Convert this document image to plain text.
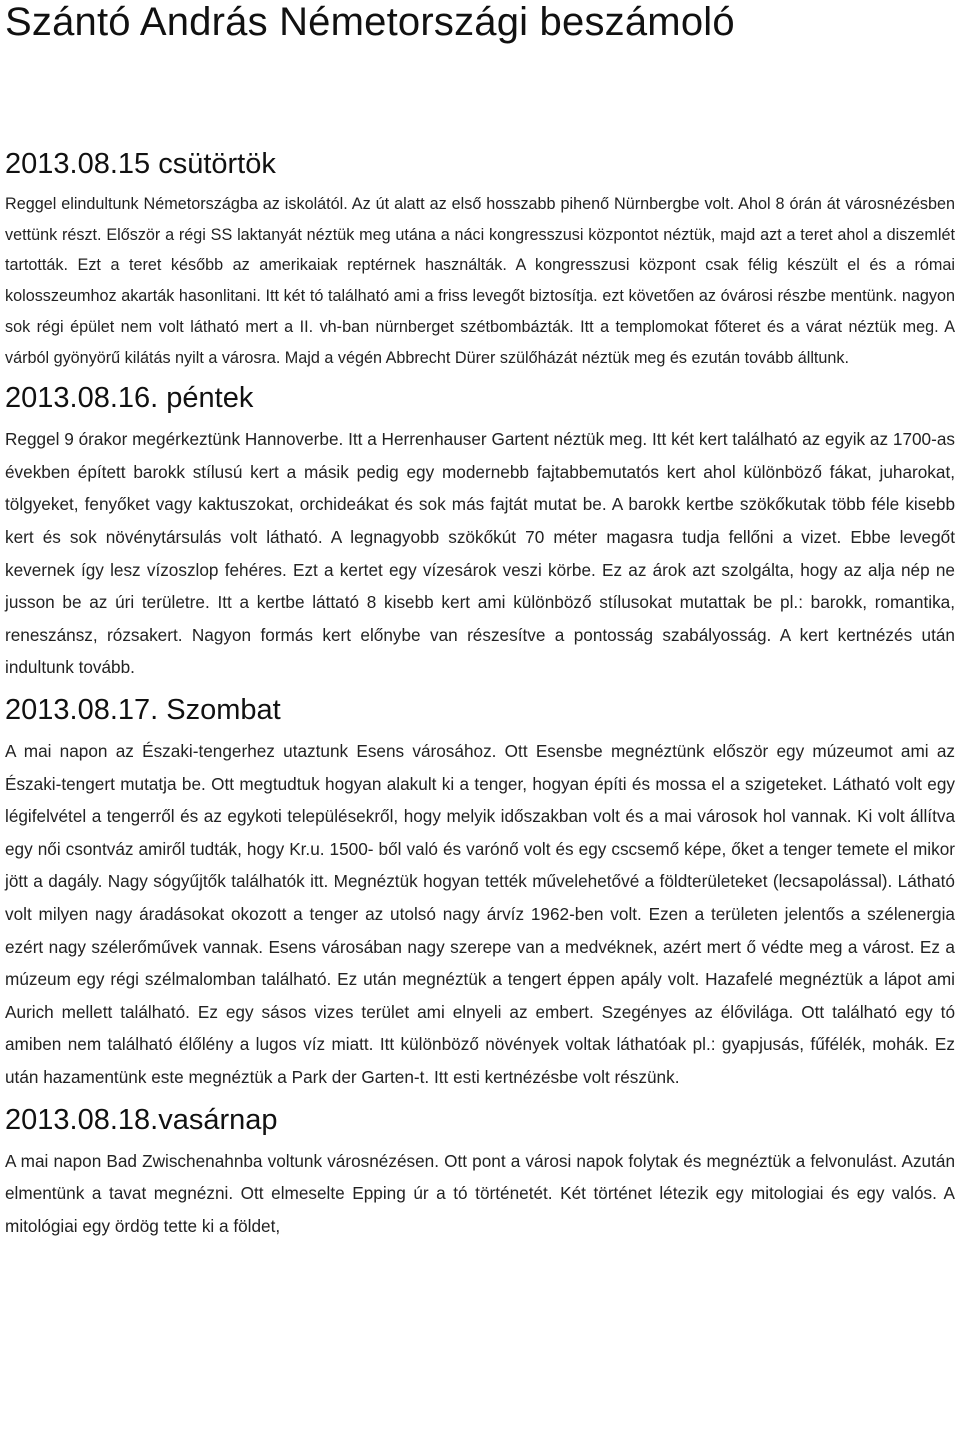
Szántó András Németországi beszámoló
2013.08.15 csütörtök

Reggel elindultunk Németországba az iskolától. Az út alatt az első hosszabb pihenő Nürnbergbe volt. Ahol 8 órán át városnézésben vettünk részt. Először a régi SS laktanyát néztük meg utána a náci kongresszusi központot néztük, majd azt a teret ahol a diszemlét tartották. Ezt a teret később az amerikaiak reptérnek használták. A kongresszusi központ csak félig készült el és a római kolosszeumhoz akarták hasonlitani. Itt két tó található ami a friss levegőt biztosítja. ezt követően az óvárosi részbe mentünk. nagyon sok régi épület nem volt látható mert a II. vh-ban nürnberget szétbombázták. Itt a templomokat főteret és a várat néztük meg. A várból gyönyörű kilátás nyilt a városra. Majd a végén Abbrecht Dürer szülőházát néztük meg és ezután tovább álltunk.

2013.08.16. péntek

Reggel 9 órakor megérkeztünk Hannoverbe. Itt a Herrenhauser Gartent néztük meg. Itt két kert található az egyik az 1700-as években épített barokk stílusú kert a másik pedig egy modernebb fajtabbemutatós kert ahol különböző fákat, juharokat, tölgyeket, fenyőket vagy kaktuszokat, orchideákat és sok más fajtát mutat be. A barokk kertbe szökőkutak több féle kisebb kert és sok növénytársulás volt látható. A legnagyobb szökőkút 70 méter magasra tudja fellőni a vizet. Ebbe levegőt kevernek így lesz vízoszlop fehéres. Ezt a kertet egy vízesárok veszi körbe. Ez az árok azt szolgálta, hogy az alja nép ne jusson be az úri területre. Itt a kertbe láttató 8 kisebb kert ami különböző stílusokat mutattak be pl.: barokk, romantika, reneszánsz, rózsakert. Nagyon formás kert előnybe van részesítve a pontosság szabályosság. A kert kertnézés után indultunk tovább.

2013.08.17. Szombat

A mai napon az Északi-tengerhez utaztunk Esens városához. Ott Esensbe megnéztünk először egy múzeumot ami az Északi-tengert mutatja be. Ott megtudtuk hogyan alakult ki a tenger, hogyan építi és mossa el a szigeteket. Látható volt egy légifelvétel a tengerről és az egykoti településekről, hogy melyik időszakban volt és a mai városok hol vannak. Ki volt állítva egy női csontváz amiről tudták, hogy Kr.u. 1500- ből való és varónő volt és egy cscsemő képe, őket a tenger temete el mikor jött a dagály. Nagy sógyűjtők találhatók itt. Megnéztük hogyan tették művelehetővé a földterületeket (lecsapolással). Látható volt milyen nagy áradásokat okozott a tenger az utolsó nagy árvíz 1962-ben volt. Ezen a területen jelentős a szélenergia ezért nagy szélerőművek vannak. Esens városában nagy szerepe van a medvéknek, azért mert ő védte meg a várost. Ez a múzeum egy régi szélmalomban található. Ez után megnéztük a tengert éppen apály volt. Hazafelé megnéztük a lápot ami Aurich mellett található. Ez egy sásos vizes terület ami elnyeli az embert. Szegényes az élővilága. Ott található egy tó amiben nem található élőlény a lugos víz miatt. Itt különböző növények voltak láthatóak pl.: gyapjusás, fűfélék, mohák. Ez után hazamentünk este megnéztük a Park der Garten-t. Itt esti kertnézésbe volt részünk.

2013.08.18.vasárnap

A mai napon Bad Zwischenahnba voltunk városnézésen. Ott pont a városi napok folytak és megnéztük a felvonulást. Azután elmentünk a tavat megnézni. Ott elmeselte Epping úr a tó történetét. Két történet létezik egy mitologiai és egy valós. A mitológiai egy ördög tette ki a földet,
